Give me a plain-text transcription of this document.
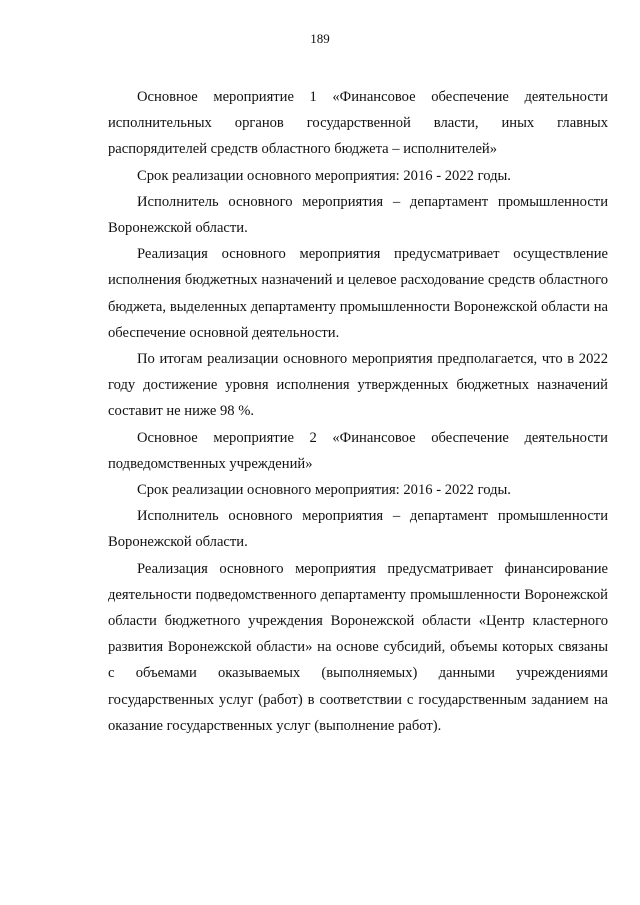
189

Основное мероприятие 1 «Финансовое обеспечение деятельности исполнительных органов государственной власти, иных главных распорядителей средств областного бюджета – исполнителей»

Срок реализации основного мероприятия: 2016 - 2022 годы.

Исполнитель основного мероприятия – департамент промышленности Воронежской области.

Реализация основного мероприятия предусматривает осуществление исполнения бюджетных назначений и целевое расходование средств областного бюджета, выделенных департаменту промышленности Воронежской области на обеспечение основной деятельности.

По итогам реализации основного мероприятия предполагается, что в 2022 году достижение уровня исполнения утвержденных бюджетных назначений составит не ниже 98 %.

Основное мероприятие 2 «Финансовое обеспечение деятельности подведомственных учреждений»

Срок реализации основного мероприятия: 2016 - 2022 годы.

Исполнитель основного мероприятия – департамент промышленности Воронежской области.

Реализация основного мероприятия предусматривает финансирование деятельности подведомственного департаменту промышленности Воронежской области бюджетного учреждения Воронежской области «Центр кластерного развития Воронежской области» на основе субсидий, объемы которых связаны с объемами оказываемых (выполняемых) данными учреждениями государственных услуг (работ) в соответствии с государственным заданием на оказание государственных услуг (выполнение работ).
